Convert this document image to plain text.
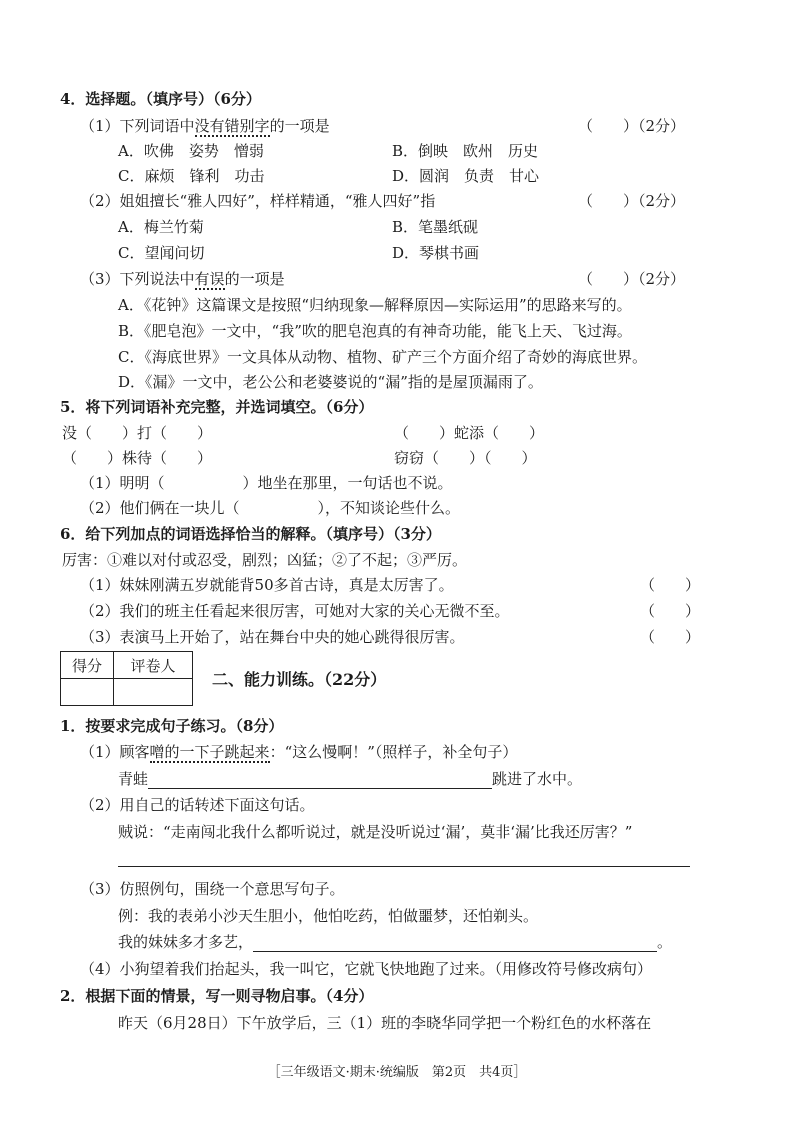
4．选择题。（填序号）（6分）
（1）下列词语中没有错别字的一项是	（　　）（2分）
A．吹佛　姿势　憎弱	B．倒映　欧州　历史
C．麻烦　锋利　功击	D．圆润　负责　甘心
（2）姐姐擅长“雅人四好”，样样精通，“雅人四好”指	（　　）（2分）
A．梅兰竹菊	B．笔墨纸砚
C．望闻问切	D．琴棋书画
（3）下列说法中有误的一项是	（　　）（2分）
A．《花钟》这篇课文是按照“归纳现象—解释原因—实际运用”的思路来写的。
B．《肥皂泡》一文中，“我”吹的肥皂泡真的有神奇功能，能飞上天、飞过海。
C．《海底世界》一文具体从动物、植物、矿产三个方面介绍了奇妙的海底世界。
D．《漏》一文中，老公公和老婆婆说的“漏”指的是屋顶漏雨了。
5．将下列词语补充完整，并选词填空。（6分）
没（　　）打（　　）	（　　）蛇添（　　）
（　　）株待（　　）	窃窃（　　）（　　）
（1）明明（	）地坐在那里，一句话也不说。
（2）他们俩在一块儿（	），不知谈论些什么。
6．给下列加点的词语选择恰当的解释。（填序号）（3分）
厉害：①难以对付或忍受，剧烈；凶猛；②了不起；③严厉。
（1）妹妹刚满五岁就能背50多首古诗，真是太厉害了。	（　　）
（2）我们的班主任看起来很厉害，可她对大家的关心无微不至。	（　　）
（3）表演马上开始了，站在舞台中央的她心跳得很厉害。	（　　）
得分	评卷人

二、能力训练。（22分）
1．按要求完成句子练习。（8分）
（1）顾客噌的一下子跳起来：“这么慢啊！”（照样子，补全句子）
青蛙	跳进了水中。
（2）用自己的话转述下面这句话。
贼说：“走南闯北我什么都听说过，就是没听说过‘漏’，莫非‘漏’比我还厉害？”
（3）仿照例句，围绕一个意思写句子。
例：我的表弟小沙天生胆小，他怕吃药，怕做噩梦，还怕剃头。
我的妹妹多才多艺，	。
（4）小狗望着我们抬起头，我一叫它，它就飞快地跑了过来。（用修改符号修改病句）
2．根据下面的情景，写一则寻物启事。（4分）
昨天（6月28日）下午放学后，三（1）班的李晓华同学把一个粉红色的水杯落在
［三年级语文·期末·统编版　第2页　共4页］
